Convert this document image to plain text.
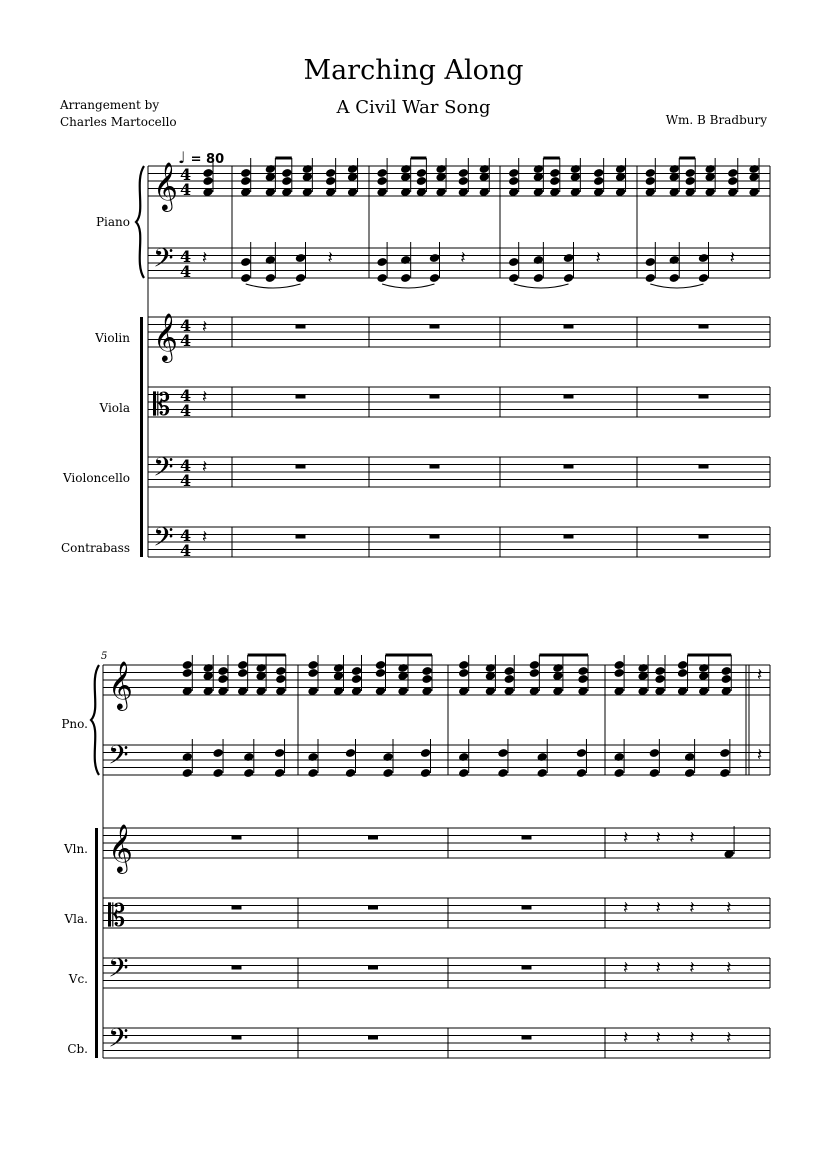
Marching Along
A Civil War Song
Arrangement by
Charles Martocello	Wm. B Bradbury
Piano
Violin
Viola
Violoncello
Contrabass
Pno.
Vln.
Vla.
Vc.
Cb.
♩ = 80
5
𝄞
𝄢
𝄞
𝄡
𝄢
𝄢
4
4
4
4
4
4
4
4
4
4
4
4
𝄞
𝄢
𝄞
𝄡
𝄢
𝄢
𝄽
𝄽
𝄽
𝄽
𝄽
𝄽	𝄽	𝄽	𝄽
𝄽 𝄽 𝄽
𝄽 𝄽 𝄽 𝄽
𝄽 𝄽 𝄽 𝄽
𝄽 𝄽 𝄽 𝄽
𝄽
𝄽
